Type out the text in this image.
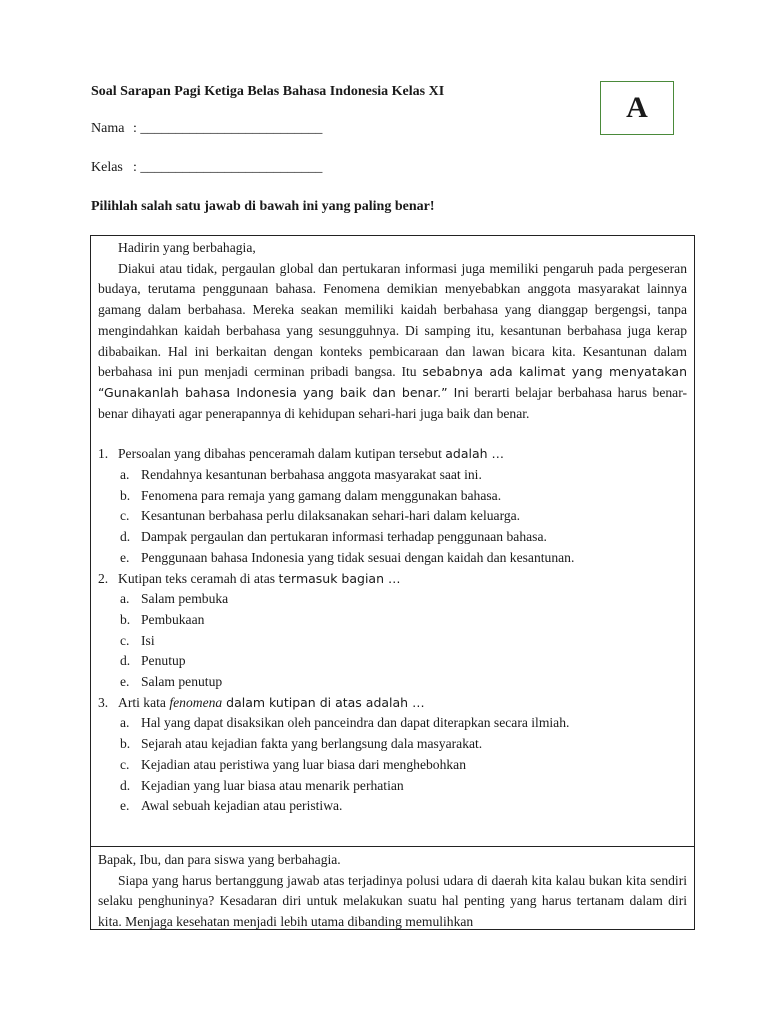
Soal Sarapan Pagi Ketiga Belas Bahasa Indonesia Kelas XI	A
Nama : __________________________
Kelas : __________________________
Pilihlah salah satu jawab di bawah ini yang paling benar!

Hadirin yang berbahagia,

Diakui atau tidak, pergaulan global dan pertukaran informasi juga memiliki pengaruh pada pergeseran budaya, terutama penggunaan bahasa. Fenomena demikian menyebabkan anggota masyarakat lainnya gamang dalam berbahasa. Mereka seakan memiliki kaidah berbahasa yang dianggap bergengsi, tanpa mengindahkan kaidah berbahasa yang sesungguhnya. Di samping itu, kesantunan berbahasa juga kerap dibabaikan. Hal ini berkaitan dengan konteks pembicaraan dan lawan bicara kita. Kesantunan dalam berbahasa ini pun menjadi cerminan pribadi bangsa. Itu sebabnya ada kalimat yang menyatakan “Gunakanlah bahasa Indonesia yang baik dan benar.” Ini berarti belajar berbahasa harus benar-benar dihayati agar penerapannya di kehidupan sehari-hari juga baik dan benar.

1. Persoalan yang dibahas penceramah dalam kutipan tersebut adalah …

a. Rendahnya kesantunan berbahasa anggota masyarakat saat ini.

b. Fenomena para remaja yang gamang dalam menggunakan bahasa.

c. Kesantunan berbahasa perlu dilaksanakan sehari-hari dalam keluarga.

d. Dampak pergaulan dan pertukaran informasi terhadap penggunaan bahasa.

e. Penggunaan bahasa Indonesia yang tidak sesuai dengan kaidah dan kesantunan.

2. Kutipan teks ceramah di atas termasuk bagian …

a. Salam pembuka

b. Pembukaan

c. Isi

d. Penutup

e. Salam penutup

3. Arti kata fenomena dalam kutipan di atas adalah …

a. Hal yang dapat disaksikan oleh panceindra dan dapat diterapkan secara ilmiah.

b. Sejarah atau kejadian fakta yang berlangsung dala masyarakat.

c. Kejadian atau peristiwa yang luar biasa dari menghebohkan

d. Kejadian yang luar biasa atau menarik perhatian

e. Awal sebuah kejadian atau peristiwa.

Bapak, Ibu, dan para siswa yang berbahagia.

Siapa yang harus bertanggung jawab atas terjadinya polusi udara di daerah kita kalau bukan kita sendiri selaku penghuninya? Kesadaran diri untuk melakukan suatu hal penting yang harus tertanam dalam diri kita. Menjaga kesehatan menjadi lebih utama dibanding memulihkan
